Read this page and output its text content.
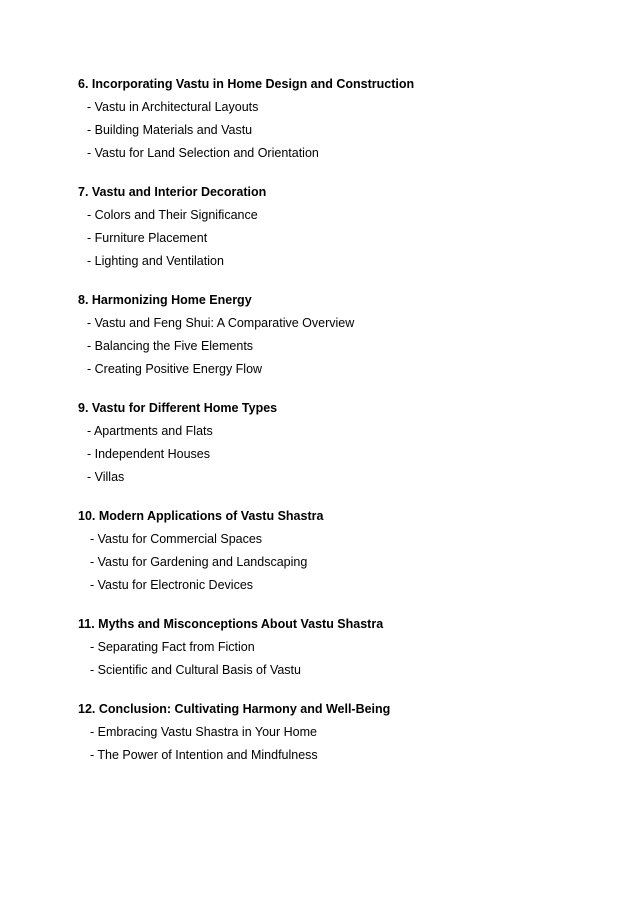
6. Incorporating Vastu in Home Design and Construction
- Vastu in Architectural Layouts
- Building Materials and Vastu
- Vastu for Land Selection and Orientation
7. Vastu and Interior Decoration
- Colors and Their Significance
- Furniture Placement
- Lighting and Ventilation
8. Harmonizing Home Energy
- Vastu and Feng Shui: A Comparative Overview
- Balancing the Five Elements
- Creating Positive Energy Flow
9. Vastu for Different Home Types
- Apartments and Flats
- Independent Houses
- Villas
10. Modern Applications of Vastu Shastra
- Vastu for Commercial Spaces
- Vastu for Gardening and Landscaping
- Vastu for Electronic Devices
11. Myths and Misconceptions About Vastu Shastra
- Separating Fact from Fiction
- Scientific and Cultural Basis of Vastu
12. Conclusion: Cultivating Harmony and Well-Being
- Embracing Vastu Shastra in Your Home
- The Power of Intention and Mindfulness
